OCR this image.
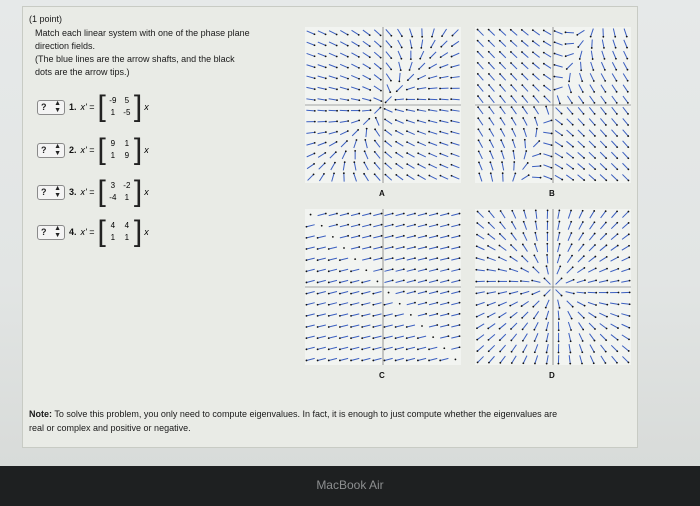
(1 point)
Match each linear system with one of the phase plane
direction fields.
(The blue lines are the arrow shafts, and the black
dots are the arrow tips.)
? ▲
▼ 1. x' = [ -9	5
1	-5 ] x
? ▲
▼ 2. x' = [ 9	1
1	9 ] x
? ▲
▼ 3. x' = [ 3	-2
-4	1 ] x
? ▲
▼ 4. x' = [ 4	4
1	1 ] x
A	B
C	D
Note: To solve this problem, you only need to compute eigenvalues. In fact, it is enough to just compute whether the eigenvalues are
real or complex and positive or negative.
MacBook Air
